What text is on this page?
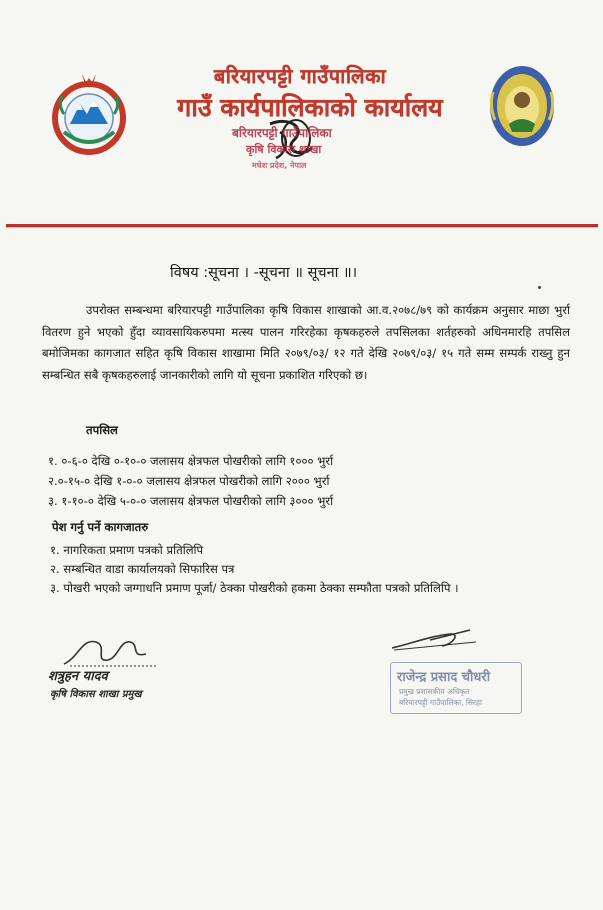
बरियारपट्टी गाउँपालिका
गाउँ कार्यपालिकाको कार्यालय
बरियारपट्टी गाउँपालिका
कृषि विकास शाखा
मधेश प्रदेश, नेपाल
विषय :सूचना । -सूचना ॥ सूचना ॥।
उपरोक्त सम्बन्धमा बरियारपट्टी गाउँपालिका कृषि विकास शाखाको आ.व.२०७८/७९ को कार्यक्रम अनुसार माछा भुर्रा वितरण हुने भएको हुँदा व्यावसायिकरुपमा मत्स्य पालन गरिरहेका कृषकहरुले तपसिलका शर्तहरुको अधिनमारहि तपसिल बमोजिमका कागजात सहित कृषि विकास शाखामा मिति २०७९/०३/ १२ गते देखि २०७९/०३/ १५ गते सम्म सम्पर्क राख्नु हुन सम्बन्धित सबै कृषकहरुलाई जानकारीको लागि यो सूचना प्रकाशित गरिएको छ।
तपसिल
१. ०-६-० देखि ०-१०-० जलासय क्षेत्रफल पोखरीको लागि १००० भुर्रा
२.०-१५-० देखि १-०-० जलासय क्षेत्रफल पोखरीको लागि २००० भुर्रा
३. १-१०-० देखि ५-०-० जलासय क्षेत्रफल पोखरीको लागि ३००० भुर्रा
पेश गर्नु पर्ने कागजातरु
१. नागरिकता प्रमाण पत्रको प्रतिलिपि
२. सम्बन्धित वाडा कार्यालयको सिफारिस पत्र
३. पोखरी भएको जग्गाधनि प्रमाण पूर्जा/ ठेक्का पोखरीको हकमा ठेक्का सम्फौता पत्रको प्रतिलिपि ।
शत्रुहन यादव
कृषि विकास शाखा प्रमुख
राजेन्द्र प्रसाद चौधरी
प्रमुख प्रशासकीय अधिकृत
बरियारपट्टी गाउँपालिका, सिरहा
